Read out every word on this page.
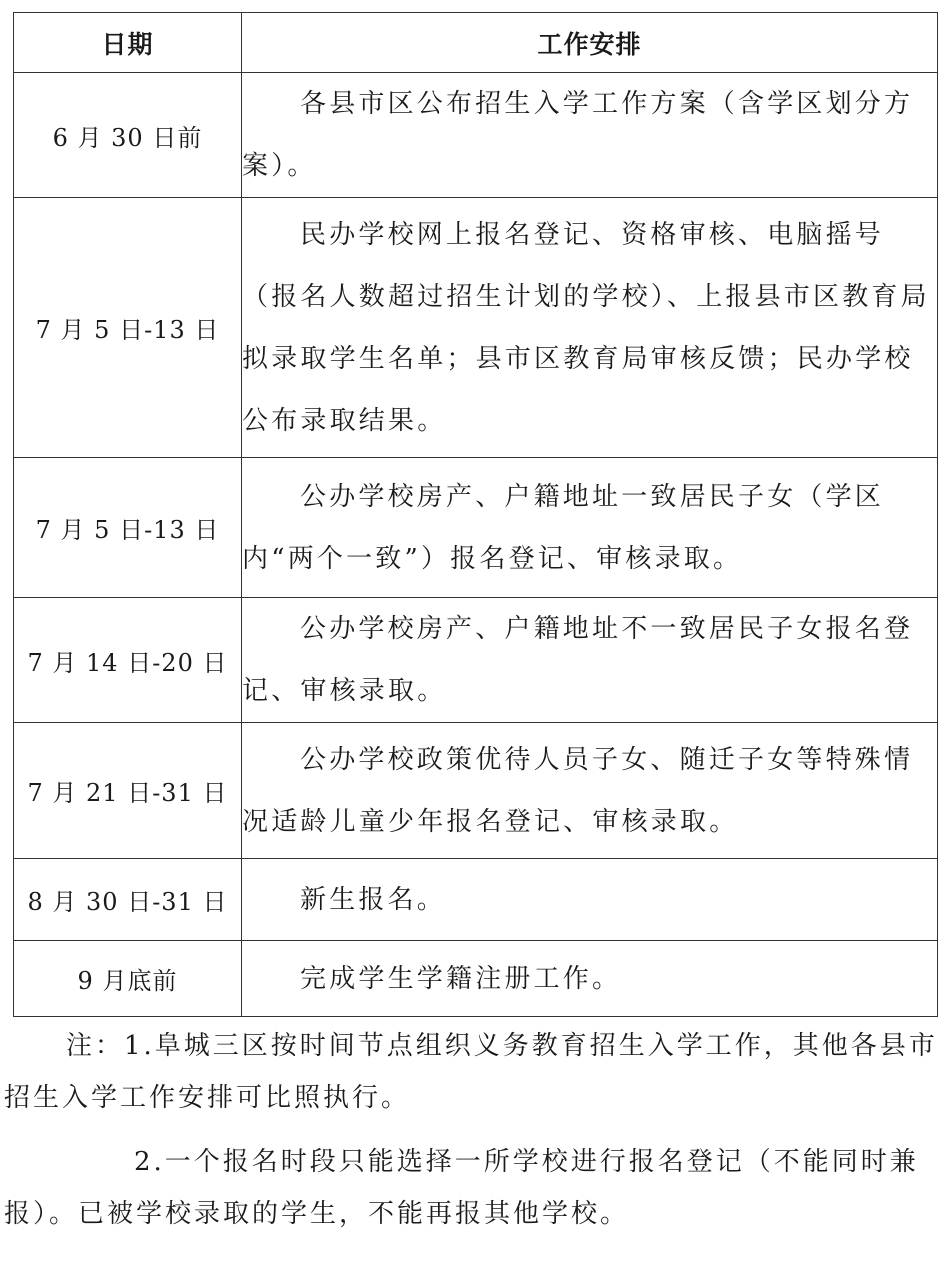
日期	工作安排
6 月 30 日前	各县市区公布招生入学工作方案（含学区划分方案）。
7 月 5 日-13 日	民办学校网上报名登记、资格审核、电脑摇号（报名人数超过招生计划的学校）、上报县市区教育局拟录取学生名单；县市区教育局审核反馈；民办学校公布录取结果。
7 月 5 日-13 日	公办学校房产、户籍地址一致居民子女（学区内“两个一致”）报名登记、审核录取。
7 月 14 日-20 日	公办学校房产、户籍地址不一致居民子女报名登记、审核录取。
7 月 21 日-31 日	公办学校政策优待人员子女、随迁子女等特殊情况适龄儿童少年报名登记、审核录取。
8 月 30 日-31 日	新生报名。
9 月底前	完成学生学籍注册工作。

注：1.阜城三区按时间节点组织义务教育招生入学工作，其他各县市招生入学工作安排可比照执行。

2.一个报名时段只能选择一所学校进行报名登记（不能同时兼报）。已被学校录取的学生，不能再报其他学校。
